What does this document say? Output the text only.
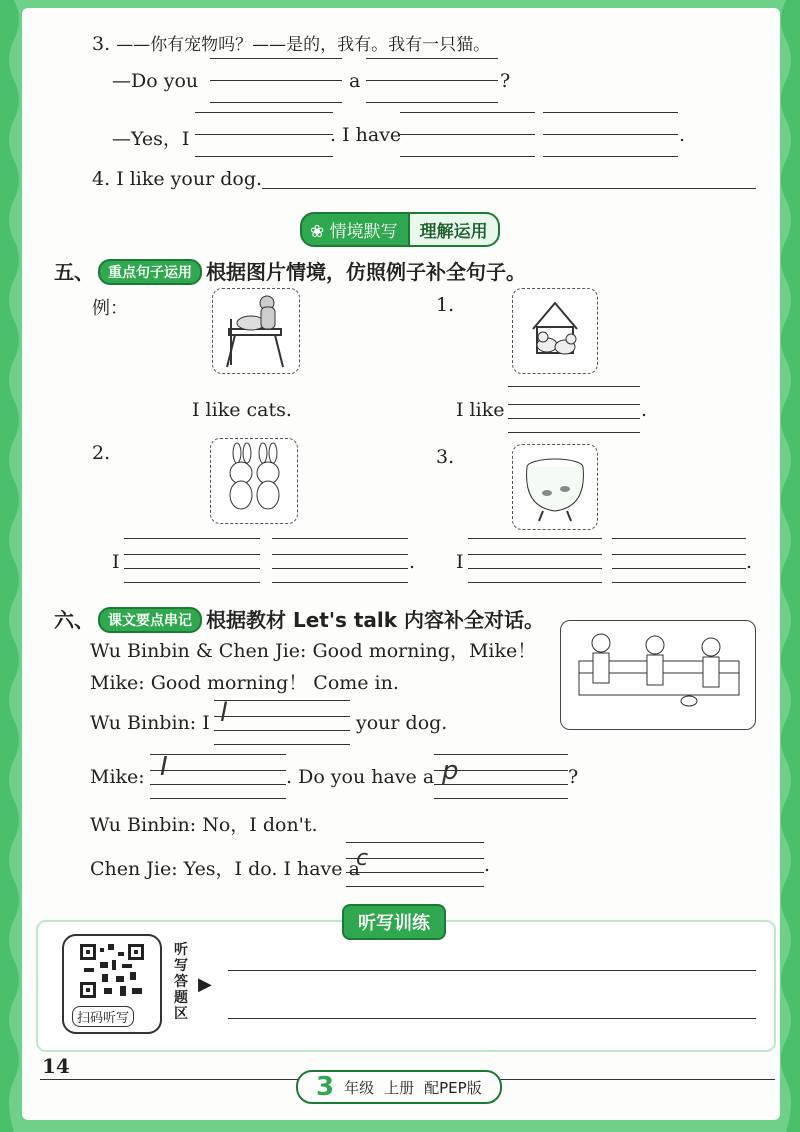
3. ——你有宠物吗？——是的，我有。我有一只猫。
—Do you	a	?
—Yes，I	. I have	.
4. I like your dog.
❀ 情境默写	理解运用
五、 重点句子运用 根据图片情境，仿照例子补全句子。
例：
I like cats.
1.
I like	.
2.
I	.
3.
I	.
六、 课文要点串记 根据教材 Let's talk 内容补全对话。
Wu Binbin & Chen Jie: Good morning，Mike！
Mike: Good morning！ Come in.
Wu Binbin: I l	your dog.
Mike: I	. Do you have a p	?
Wu Binbin: No，I don't.
Chen Jie: Yes，I do. I have a
c	.
听写训练
扫码听写
听写答题区
▶
14
3 年级 上册 配PEP版
